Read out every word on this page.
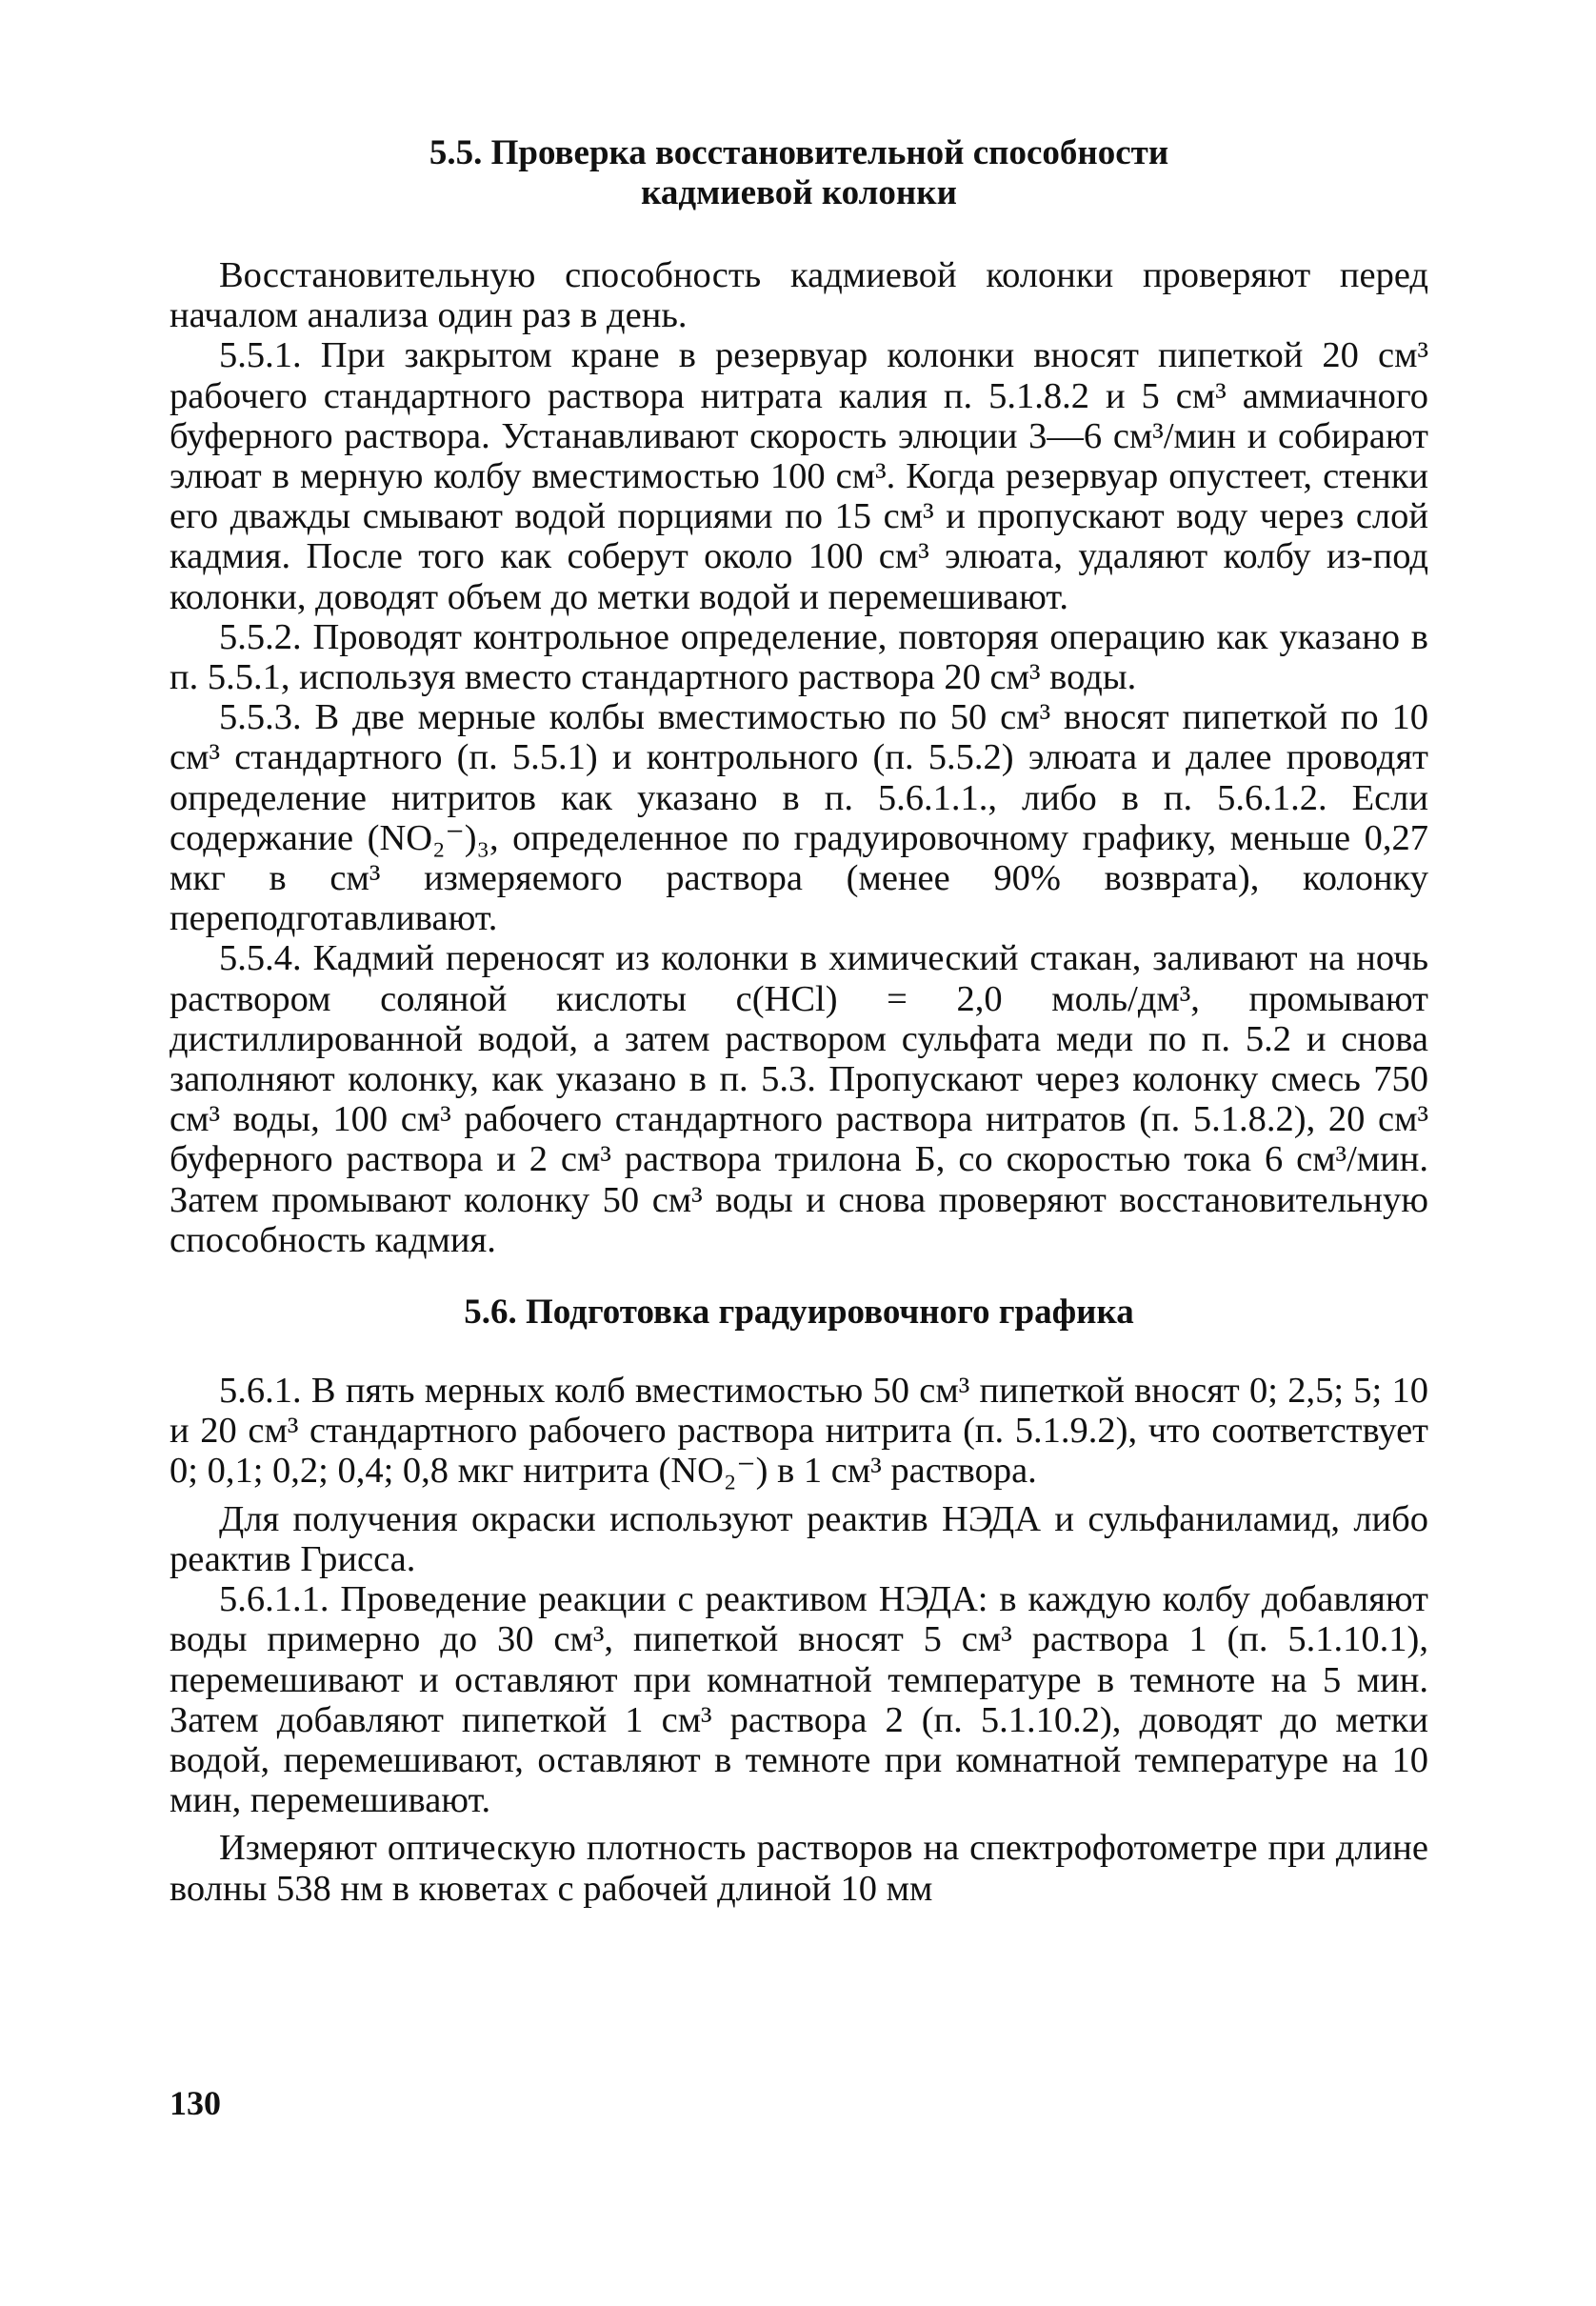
5.5. Проверка восстановительной способности
кадмиевой колонки

Восстановительную способность кадмиевой колонки проверяют перед началом анализа один раз в день.

5.5.1. При закрытом кране в резервуар колонки вносят пипеткой 20 см³ рабочего стандартного раствора нитрата калия п. 5.1.8.2 и 5 см³ аммиачного буферного раствора. Устанавливают скорость элюции 3—6 см³/мин и собирают элюат в мерную колбу вместимостью 100 см³. Когда резервуар опустеет, стенки его дважды смывают водой порциями по 15 см³ и пропускают воду через слой кадмия. После того как соберут около 100 см³ элюата, удаляют колбу из-под колонки, доводят объем до метки водой и перемешивают.

5.5.2. Проводят контрольное определение, повторяя операцию как указано в п. 5.5.1, используя вместо стандартного раствора 20 см³ воды.

5.5.3. В две мерные колбы вместимостью по 50 см³ вносят пипеткой по 10 см³ стандартного (п. 5.5.1) и контрольного (п. 5.5.2) элюата и далее проводят определение нитритов как указано в п. 5.6.1.1., либо в п. 5.6.1.2. Если содержание (NO₂⁻)₃, определенное по градуировочному графику, меньше 0,27 мкг в см³ измеряемого раствора (менее 90% возврата), колонку переподготавливают.

5.5.4. Кадмий переносят из колонки в химический стакан, заливают на ночь раствором соляной кислоты с(HCl) = 2,0 моль/дм³, промывают дистиллированной водой, а затем раствором сульфата меди по п. 5.2 и снова заполняют колонку, как указано в п. 5.3. Пропускают через колонку смесь 750 см³ воды, 100 см³ рабочего стандартного раствора нитратов (п. 5.1.8.2), 20 см³ буферного раствора и 2 см³ раствора трилона Б, со скоростью тока 6 см³/мин. Затем промывают колонку 50 см³ воды и снова проверяют восстановительную способность кадмия.

5.6. Подготовка градуировочного графика

5.6.1. В пять мерных колб вместимостью 50 см³ пипеткой вносят 0; 2,5; 5; 10 и 20 см³ стандартного рабочего раствора нитрита (п. 5.1.9.2), что соответствует 0; 0,1; 0,2; 0,4; 0,8 мкг нитрита (NO₂⁻) в 1 см³ раствора.

Для получения окраски используют реактив НЭДА и сульфаниламид, либо реактив Грисса.

5.6.1.1. Проведение реакции с реактивом НЭДА: в каждую колбу добавляют воды примерно до 30 см³, пипеткой вносят 5 см³ раствора 1 (п. 5.1.10.1), перемешивают и оставляют при комнатной температуре в темноте на 5 мин. Затем добавляют пипеткой 1 см³ раствора 2 (п. 5.1.10.2), доводят до метки водой, перемешивают, оставляют в темноте при комнатной температуре на 10 мин, перемешивают.

Измеряют оптическую плотность растворов на спектрофотометре при длине волны 538 нм в кюветах с рабочей длиной 10 мм

130
